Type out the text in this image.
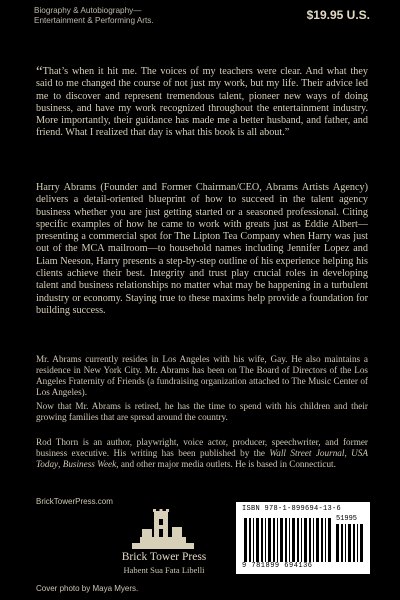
Biography & Autobiography—
Entertainment & Performing Arts.	$19.95 U.S.
“That’s when it hit me. The voices of my teachers were clear. And what they said to me changed the course of not just my work, but my life. Their advice led me to discover and represent tremendous talent, pioneer new ways of doing business, and have my work recognized throughout the entertainment industry. More importantly, their guidance has made me a better husband, and father, and friend. What I realized that day is what this book is all about.”
Harry Abrams (Founder and Former Chairman/CEO, Abrams Artists Agency) delivers a detail-oriented blueprint of how to succeed in the talent agency business whether you are just getting started or a seasoned professional. Citing specific examples of how he came to work with greats just as Eddie Albert—presenting a commercial spot for The Lipton Tea Company when Harry was just out of the MCA mailroom—to household names including Jennifer Lopez and Liam Neeson, Harry presents a step-by-step outline of his experience helping his clients achieve their best. Integrity and trust play crucial roles in developing talent and business relationships no matter what may be happening in a turbulent industry or economy. Staying true to these maxims help provide a foundation for building success.
Mr. Abrams currently resides in Los Angeles with his wife, Gay. He also maintains a residence in New York City. Mr. Abrams has been on The Board of Directors of the Los Angeles Fraternity of Friends (a fundraising organization attached to The Music Center of Los Angeles).
Now that Mr. Abrams is retired, he has the time to spend with his children and their growing families that are spread around the country.
Rod Thorn is an author, playwright, voice actor, producer, speechwriter, and former business executive. His writing has been published by the Wall Street Journal, USA Today, Business Week, and other major media outlets. He is based in Connecticut.
BrickTowerPress.com
Brick Tower Press
Habent Sua Fata Libelli
Cover photo by Maya Myers.
ISBN 978-1-899694-13-6
51995
9 781899 694136
